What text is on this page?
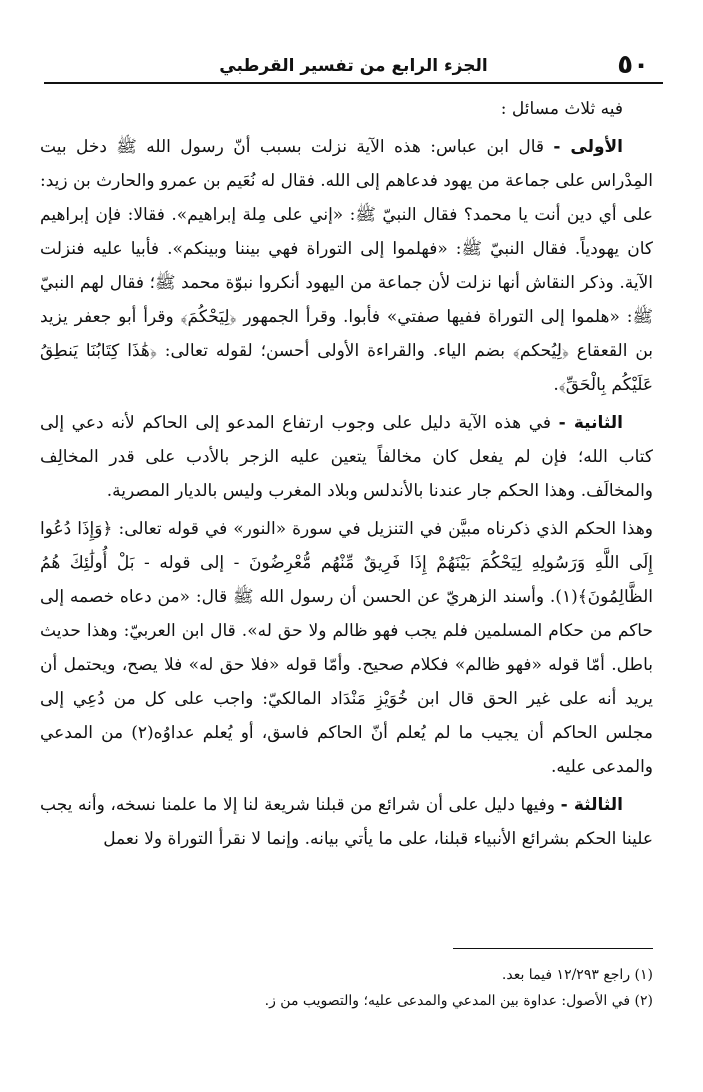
٥٠
الجزء الرابع من تفسير القرطبي

فيه ثلاث مسائل :

الأولى - قال ابن عباس: هذه الآية نزلت بسبب أنّ رسول الله ﷺ دخل بيت المِدْراس على جماعة من يهود فدعاهم إلى الله. فقال له نُعَيم بن عمرو والحارث بن زيد: على أي دين أنت يا محمد؟ فقال النبيّ ﷺ: «إني على مِلة إبراهيم». فقالا: فإن إبراهيم كان يهودياً. فقال النبيّ ﷺ: «فهلموا إلى التوراة فهي بيننا وبينكم». فأبيا عليه فنزلت الآية. وذكر النقاش أنها نزلت لأن جماعة من اليهود أنكروا نبوّة محمد ﷺ؛ فقال لهم النبيّ ﷺ: «هلموا إلى التوراة ففيها صفتي» فأبوا. وقرأ الجمهور ﴿لِيَحْكُمَ﴾ وقرأ أبو جعفر يزيد بن القعقاع ﴿لِيُحكم﴾ بضم الياء. والقراءة الأولى أحسن؛ لقوله تعالى: ﴿هَٰذَا كِتَابُنَا يَنطِقُ عَلَيْكُم بِالْحَقِّ﴾.

الثانية - في هذه الآية دليل على وجوب ارتفاع المدعو إلى الحاكم لأنه دعي إلى كتاب الله؛ فإن لم يفعل كان مخالفاً يتعين عليه الزجر بالأدب على قدر المخالِف والمخالَف. وهذا الحكم جار عندنا بالأندلس وبلاد المغرب وليس بالديار المصرية.

وهذا الحكم الذي ذكرناه مبيَّن في التنزيل في سورة «النور» في قوله تعالى: ﴿وَإِذَا دُعُوا إِلَى اللَّهِ وَرَسُولِهِ لِيَحْكُمَ بَيْنَهُمْ إِذَا فَرِيقٌ مِّنْهُم مُّعْرِضُونَ - إلى قوله - بَلْ أُولَٰئِكَ هُمُ الظَّالِمُونَ﴾(١). وأسند الزهريّ عن الحسن أن رسول الله ﷺ قال: «من دعاه خصمه إلى حاكم من حكام المسلمين فلم يجب فهو ظالم ولا حق له». قال ابن العربيّ: وهذا حديث باطل. أمّا قوله «فهو ظالم» فكلام صحيح. وأمّا قوله «فلا حق له» فلا يصح، ويحتمل أن يريد أنه على غير الحق قال ابن خُوَيْزِ مَنْدَاد المالكيّ: واجب على كل من دُعِي إلى مجلس الحاكم أن يجيب ما لم يُعلم أنّ الحاكم فاسق، أو يُعلم عداوُه(٢) من المدعي والمدعى عليه.

الثالثة - وفيها دليل على أن شرائع من قبلنا شريعة لنا إلا ما علمنا نسخه، وأنه يجب علينا الحكم بشرائع الأنبياء قبلنا، على ما يأتي بيانه. وإنما لا نقرأ التوراة ولا نعمل

(١) راجع ١٢/٢٩٣ فيما بعد.

(٢) في الأصول: عداوة بين المدعي والمدعى عليه؛ والتصويب من ز.
